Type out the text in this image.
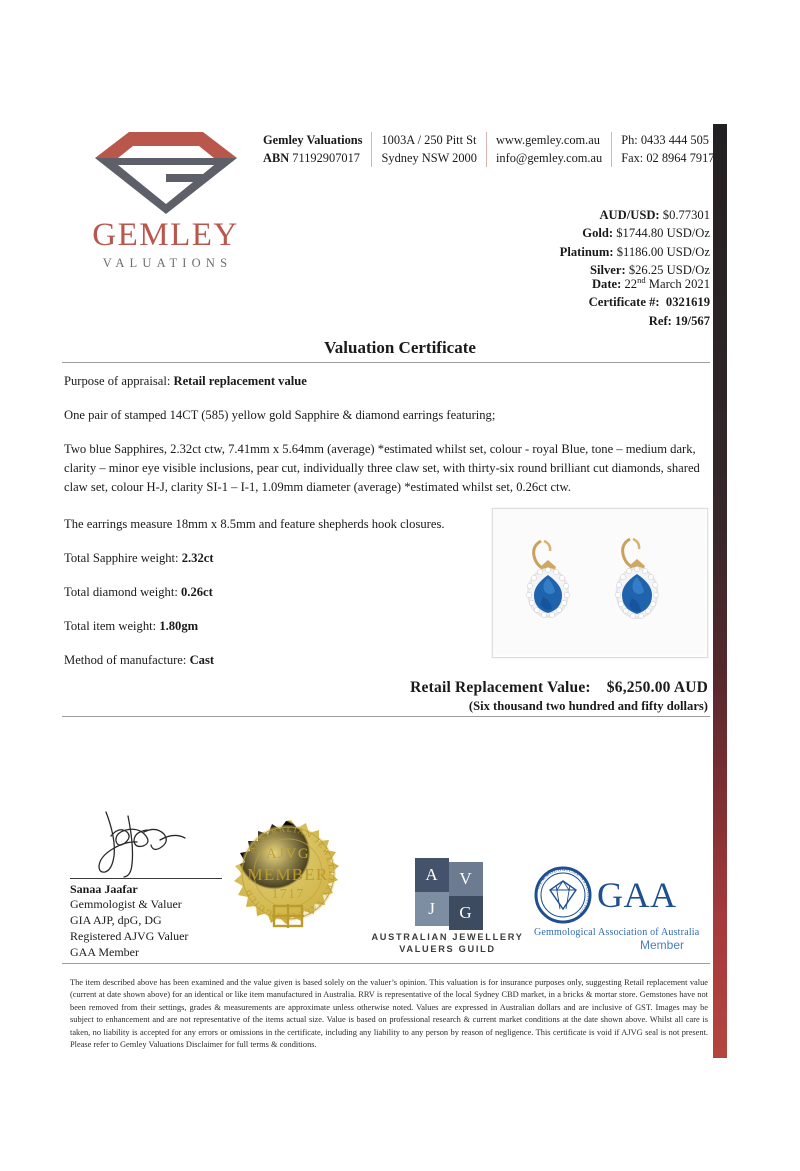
GEMLEY
VALUATIONS
Gemley Valuations
ABN 71192907017
1003A / 250 Pitt St
Sydney NSW 2000
www.gemley.com.au
info@gemley.com.au
Ph: 0433 444 505
Fax: 02 8964 7917
AUD/USD: $0.77301
Gold: $1744.80 USD/Oz
Platinum: $1186.00 USD/Oz
Silver: $26.25 USD/Oz
Date: 22nd March 2021
Certificate #: 0321619
Ref: 19/567
Valuation Certificate
Purpose of appraisal: Retail replacement value
One pair of stamped 14CT (585) yellow gold Sapphire & diamond earrings featuring;
Two blue Sapphires, 2.32ct ctw, 7.41mm x 5.64mm (average) *estimated whilst set, colour - royal Blue, tone – medium dark, clarity – minor eye visible inclusions, pear cut, individually three claw set, with thirty-six round brilliant cut diamonds, shared claw set, colour H-J, clarity SI-1 – I-1, 1.09mm diameter (average) *estimated whilst set, 0.26ct ctw.
The earrings measure 18mm x 8.5mm and feature shepherds hook closures.
Total Sapphire weight: 2.32ct
Total diamond weight: 0.26ct
Total item weight: 1.80gm
Method of manufacture: Cast
Retail Replacement Value: $6,250.00 AUD
(Six thousand two hundred and fifty dollars)
Sanaa Jaafar
Gemmologist & Valuer
GIA AJP, dpG, DG
Registered AJVG Valuer
GAA Member
AUSTRALIAN JEWELLERY VALUERS GUILD
AJVG
MEMBER
1717
A	V
J	G
AUSTRALIAN JEWELLERY
VALUERS GUILD
GEMMOLOGICAL ASSOCIATION GAA
Gemmological Association of Australia
Member
The item described above has been examined and the value given is based solely on the valuer’s opinion. This valuation is for insurance purposes only, suggesting Retail replacement value (current at date shown above) for an identical or like item manufactured in Australia. RRV is representative of the local Sydney CBD market, in a bricks & mortar store. Gemstones have not been removed from their settings, grades & measurements are approximate unless otherwise noted. Values are expressed in Australian dollars and are inclusive of GST. Images may be subject to enhancement and are not representative of the items actual size. Value is based on professional research & current market conditions at the date shown above. Whilst all care is taken, no liability is accepted for any errors or omissions in the certificate, including any liability to any person by reason of negligence. This certificate is void if AJVG seal is not present. Please refer to Gemley Valuations Disclaimer for full terms & conditions.
